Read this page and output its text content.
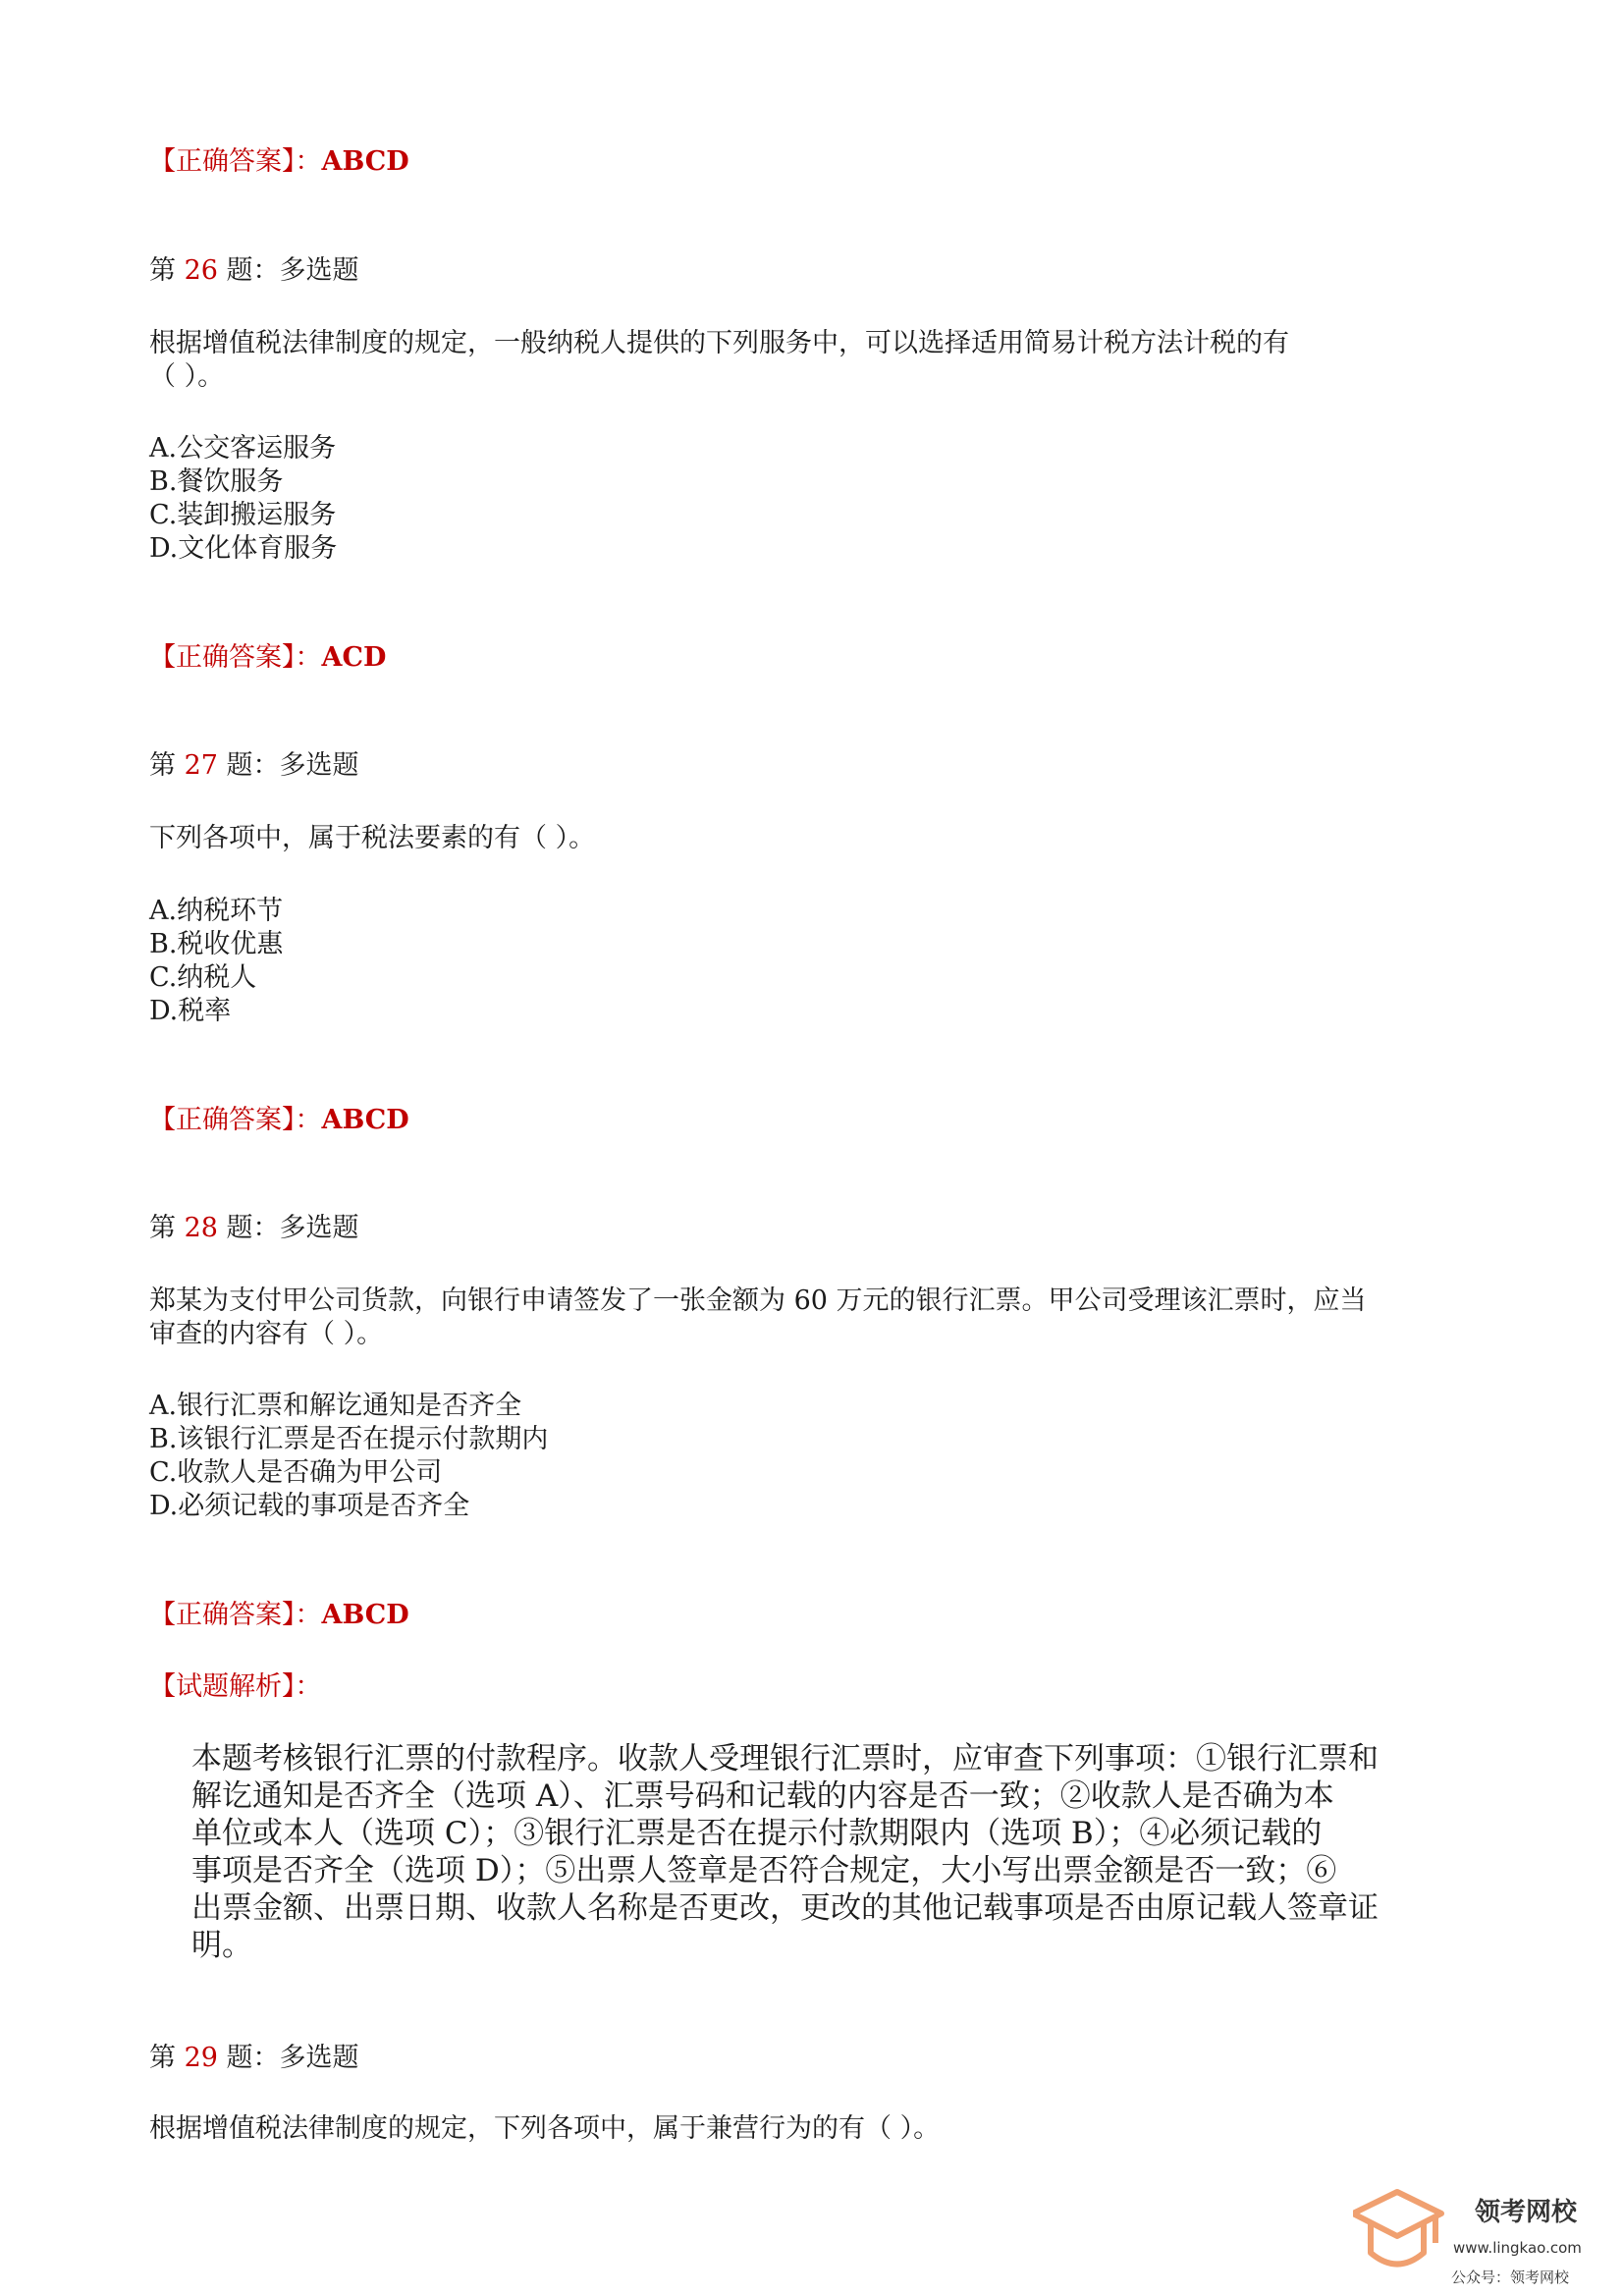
【正确答案】：ABCD
第 26 题：多选题
根据增值税法律制度的规定，一般纳税人提供的下列服务中，可以选择适用简易计税方法计税的有
（ ）。
A.公交客运服务
B.餐饮服务
C.装卸搬运服务
D.文化体育服务
【正确答案】：ACD
第 27 题：多选题
下列各项中，属于税法要素的有（ ）。
A.纳税环节
B.税收优惠
C.纳税人
D.税率
【正确答案】：ABCD
第 28 题：多选题
郑某为支付甲公司货款，向银行申请签发了一张金额为 60 万元的银行汇票。甲公司受理该汇票时，应当
审查的内容有（ ）。
A.银行汇票和解讫通知是否齐全
B.该银行汇票是否在提示付款期内
C.收款人是否确为甲公司
D.必须记载的事项是否齐全
【正确答案】：ABCD
【试题解析】：
本题考核银行汇票的付款程序。收款人受理银行汇票时，应审查下列事项：①银行汇票和
解讫通知是否齐全（选项 A）、汇票号码和记载的内容是否一致；②收款人是否确为本
单位或本人（选项 C）；③银行汇票是否在提示付款期限内（选项 B）；④必须记载的
事项是否齐全（选项 D）；⑤出票人签章是否符合规定，大小写出票金额是否一致；⑥
出票金额、出票日期、收款人名称是否更改，更改的其他记载事项是否由原记载人签章证
明。
第 29 题：多选题
根据增值税法律制度的规定，下列各项中，属于兼营行为的有（ ）。
领考网校
www.lingkao.com
公众号：领考网校
